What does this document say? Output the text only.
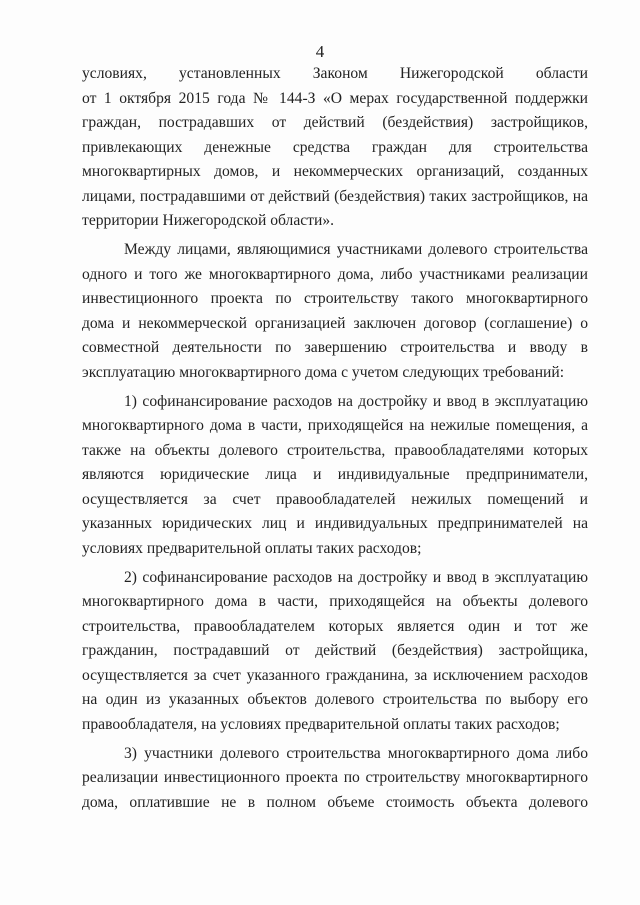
4
условиях, установленных Законом Нижегородской области
от 1 октября 2015 года № 144-З «О мерах государственной поддержки
граждан, пострадавших от действий (бездействия) застройщиков,
привлекающих денежные средства граждан для строительства
многоквартирных домов, и некоммерческих организаций, созданных
лицами, пострадавшими от действий (бездействия) таких застройщиков, на
территории Нижегородской области».
Между лицами, являющимися участниками долевого строительства
одного и того же многоквартирного дома, либо участниками реализации
инвестиционного проекта по строительству такого многоквартирного
дома и некоммерческой организацией заключен договор (соглашение) о
совместной деятельности по завершению строительства и вводу в
эксплуатацию многоквартирного дома с учетом следующих требований:
1) софинансирование расходов на достройку и ввод в эксплуатацию
многоквартирного дома в части, приходящейся на нежилые помещения, а
также на объекты долевого строительства, правообладателями которых
являются юридические лица и индивидуальные предприниматели,
осуществляется за счет правообладателей нежилых помещений и
указанных юридических лиц и индивидуальных предпринимателей на
условиях предварительной оплаты таких расходов;
2) софинансирование расходов на достройку и ввод в эксплуатацию
многоквартирного дома в части, приходящейся на объекты долевого
строительства, правообладателем которых является один и тот же
гражданин, пострадавший от действий (бездействия) застройщика,
осуществляется за счет указанного гражданина, за исключением расходов
на один из указанных объектов долевого строительства по выбору его
правообладателя, на условиях предварительной оплаты таких расходов;
3) участники долевого строительства многоквартирного дома либо
реализации инвестиционного проекта по строительству многоквартирного
дома, оплатившие не в полном объеме стоимость объекта долевого
